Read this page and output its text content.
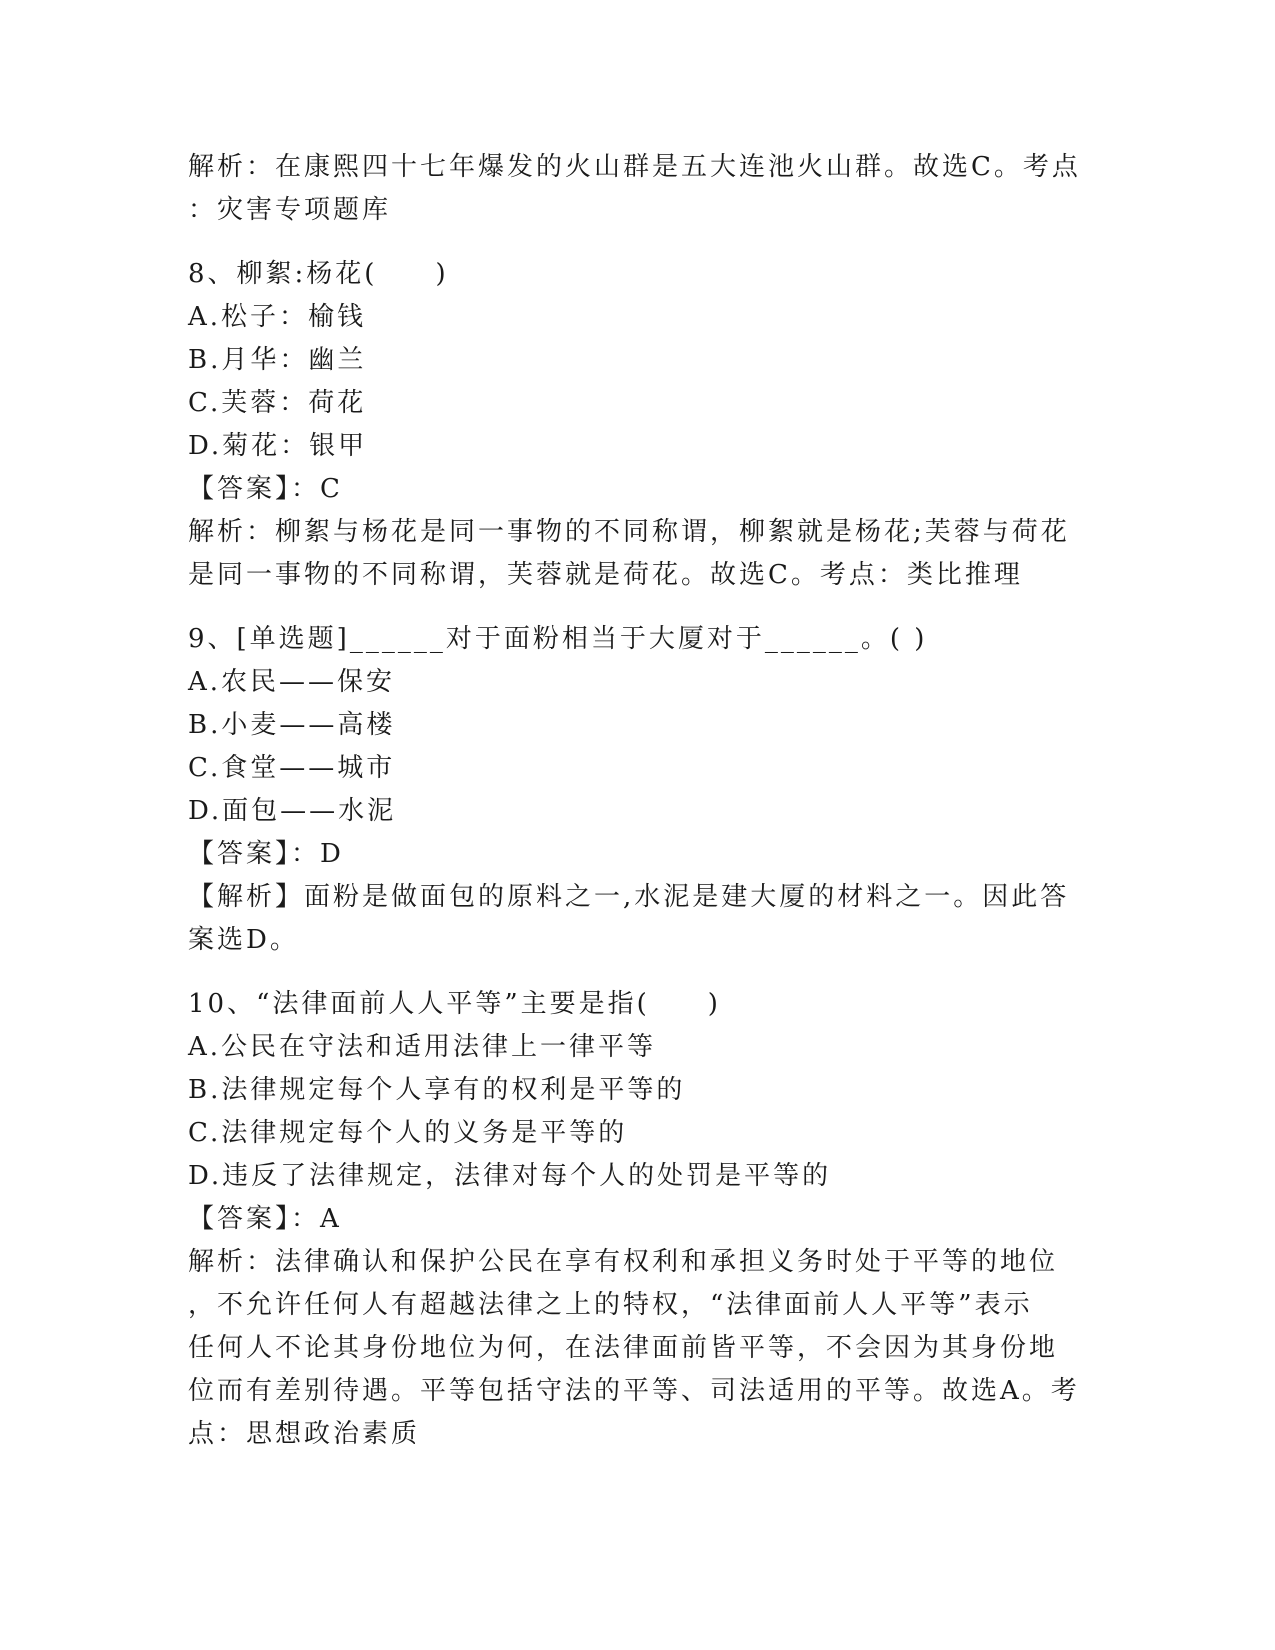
解析：在康熙四十七年爆发的火山群是五大连池火山群。故选C。考点
：灾害专项题库
8、柳絮:杨花(　　)
A.松子：榆钱
B.月华：幽兰
C.芙蓉：荷花
D.菊花：银甲
【答案】：C
解析：柳絮与杨花是同一事物的不同称谓，柳絮就是杨花;芙蓉与荷花
是同一事物的不同称谓，芙蓉就是荷花。故选C。考点：类比推理
9、[单选题]______对于面粉相当于大厦对于______。( )
A.农民——保安
B.小麦——高楼
C.食堂——城市
D.面包——水泥
【答案】：D
【解析】面粉是做面包的原料之一,水泥是建大厦的材料之一。因此答
案选D。
10、“法律面前人人平等”主要是指(　　)
A.公民在守法和适用法律上一律平等
B.法律规定每个人享有的权利是平等的
C.法律规定每个人的义务是平等的
D.违反了法律规定，法律对每个人的处罚是平等的
【答案】：A
解析：法律确认和保护公民在享有权利和承担义务时处于平等的地位
，不允许任何人有超越法律之上的特权，“法律面前人人平等”表示
任何人不论其身份地位为何，在法律面前皆平等，不会因为其身份地
位而有差别待遇。平等包括守法的平等、司法适用的平等。故选A。考
点：思想政治素质
